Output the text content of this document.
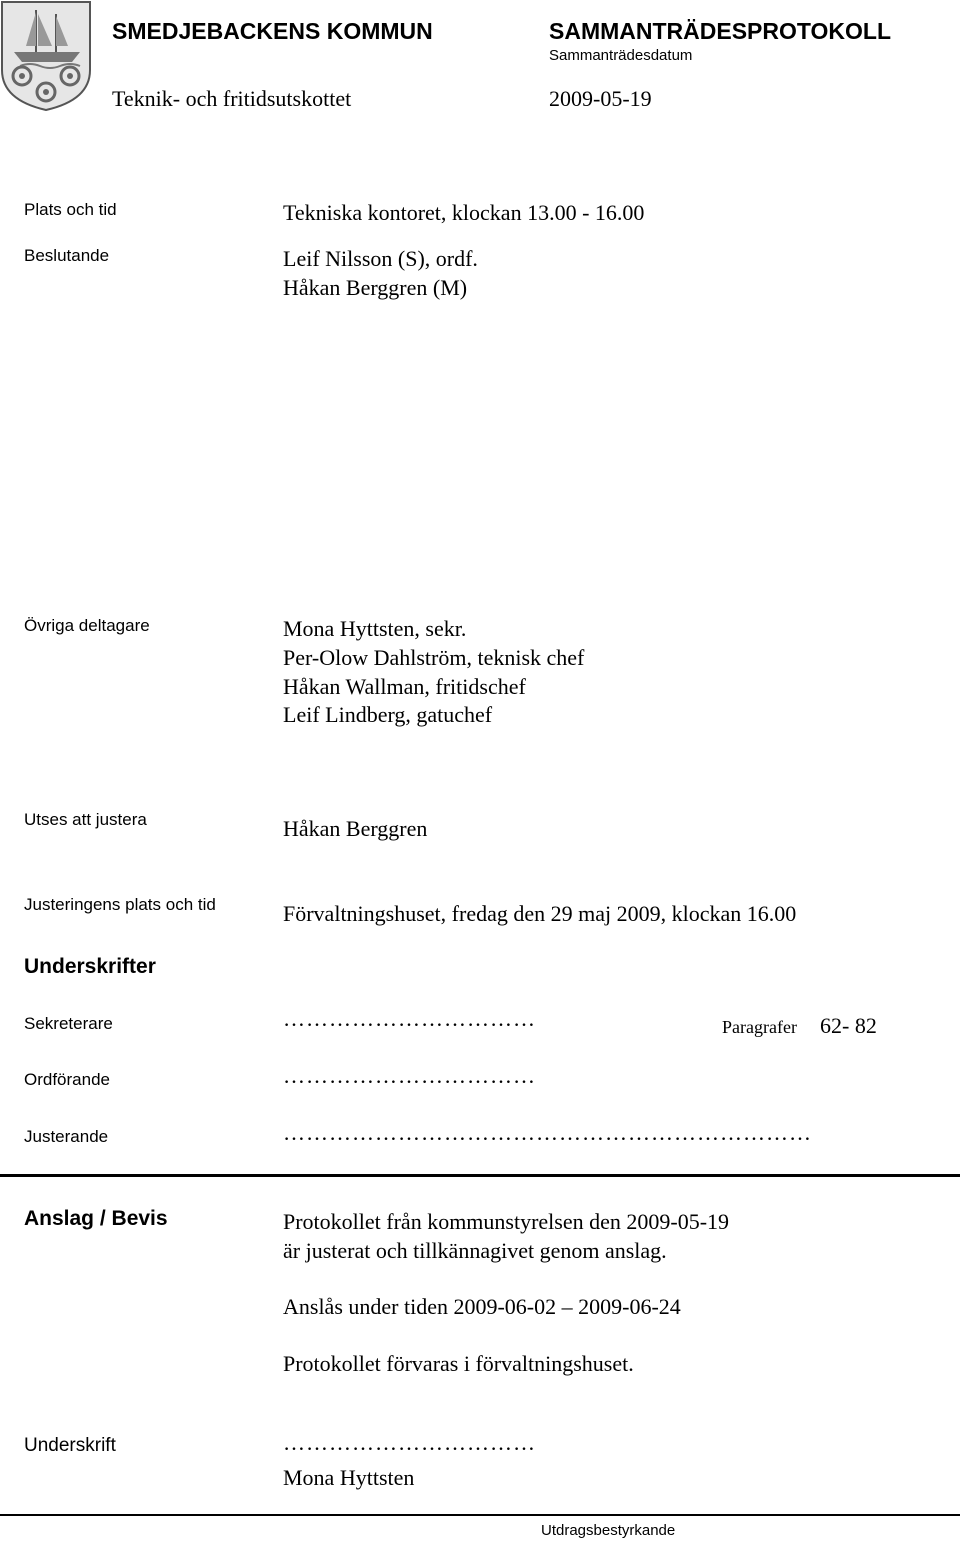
SMEDJEBACKENS KOMMUN	SAMMANTRÄDESPROTOKOLL
Sammanträdesdatum
Teknik- och fritidsutskottet	2009-05-19
Plats och tid	Tekniska kontoret, klockan 13.00 - 16.00
Beslutande	Leif Nilsson (S), ordf.
Håkan Berggren (M)
Övriga deltagare	Mona Hyttsten, sekr.
Per-Olow Dahlström, teknisk chef
Håkan Wallman, fritidschef
Leif Lindberg, gatuchef
Utses att justera	Håkan Berggren
Justeringens plats och tid	Förvaltningshuset, fredag den 29 maj 2009, klockan 16.00
Underskrifter
Sekreterare	……………………………	Paragrafer 62- 82
Ordförande	……………………………
Justerande	……………………………………………………………
Anslag / Bevis	Protokollet från kommunstyrelsen den 2009-05-19
är justerat och tillkännagivet genom anslag.
Anslås under tiden 2009-06-02 – 2009-06-24
Protokollet förvaras i förvaltningshuset.
Underskrift	……………………………
Mona Hyttsten
Utdragsbestyrkande
